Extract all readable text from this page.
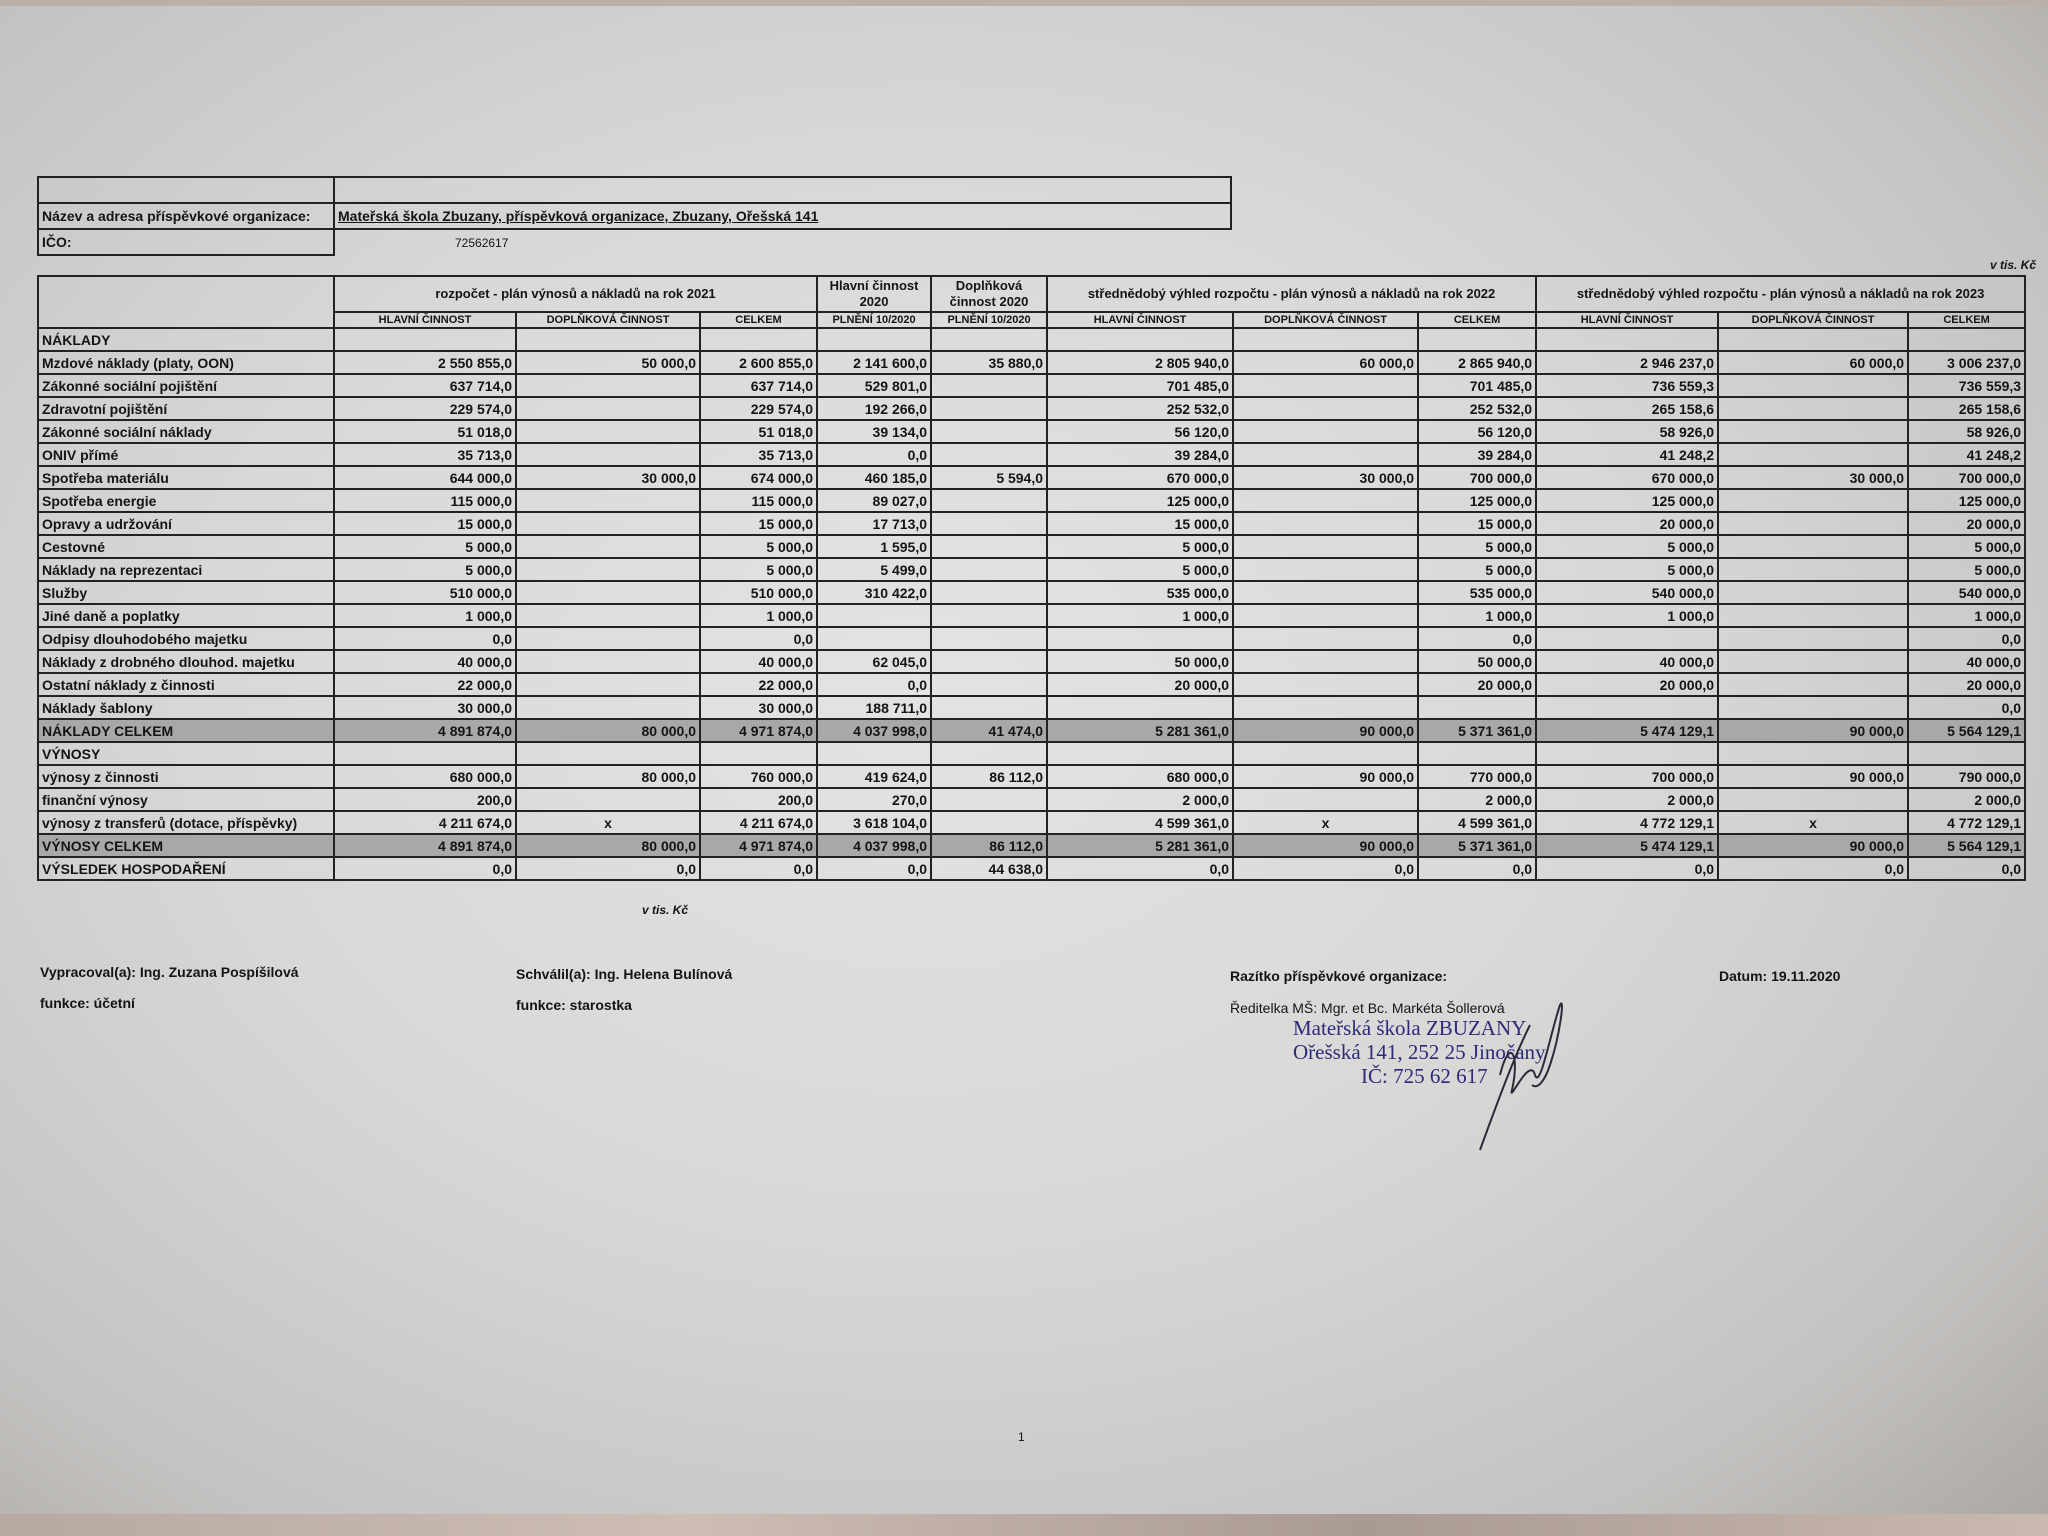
Název a adresa příspěvkové organizace:	Mateřská škola Zbuzany, příspěvková organizace, Zbuzany, Ořešská 141
IČO:	72562617
v tis. Kč
	rozpočet - plán výnosů a nákladů na rok 2021			Hlavní činnost 2020	Doplňková činnost 2020	střednědobý výhled rozpočtu - plán výnosů a nákladů na rok 2022			střednědobý výhled rozpočtu - plán výnosů a nákladů na rok 2023		
	HLAVNÍ ČINNOST	DOPLŇKOVÁ ČINNOST	CELKEM	PLNĚNÍ 10/2020	PLNĚNÍ 10/2020	HLAVNÍ ČINNOST	DOPLŇKOVÁ ČINNOST	CELKEM	HLAVNÍ ČINNOST	DOPLŇKOVÁ ČINNOST	CELKEM
NÁKLADY											
Mzdové náklady (platy, OON)	2 550 855,0	50 000,0	2 600 855,0	2 141 600,0	35 880,0	2 805 940,0	60 000,0	2 865 940,0	2 946 237,0	60 000,0	3 006 237,0
Zákonné sociální pojištění	637 714,0		637 714,0	529 801,0		701 485,0		701 485,0	736 559,3		736 559,3
Zdravotní pojištění	229 574,0		229 574,0	192 266,0		252 532,0		252 532,0	265 158,6		265 158,6
Zákonné sociální náklady	51 018,0		51 018,0	39 134,0		56 120,0		56 120,0	58 926,0		58 926,0
ONIV přímé	35 713,0		35 713,0	0,0		39 284,0		39 284,0	41 248,2		41 248,2
Spotřeba materiálu	644 000,0	30 000,0	674 000,0	460 185,0	5 594,0	670 000,0	30 000,0	700 000,0	670 000,0	30 000,0	700 000,0
Spotřeba energie	115 000,0		115 000,0	89 027,0		125 000,0		125 000,0	125 000,0		125 000,0
Opravy a udržování	15 000,0		15 000,0	17 713,0		15 000,0		15 000,0	20 000,0		20 000,0
Cestovné	5 000,0		5 000,0	1 595,0		5 000,0		5 000,0	5 000,0		5 000,0
Náklady na reprezentaci	5 000,0		5 000,0	5 499,0		5 000,0		5 000,0	5 000,0		5 000,0
Služby	510 000,0		510 000,0	310 422,0		535 000,0		535 000,0	540 000,0		540 000,0
Jiné daně a poplatky	1 000,0		1 000,0			1 000,0		1 000,0	1 000,0		1 000,0
Odpisy dlouhodobého majetku	0,0		0,0					0,0			0,0
Náklady z drobného dlouhod. majetku	40 000,0		40 000,0	62 045,0		50 000,0		50 000,0	40 000,0		40 000,0
Ostatní náklady z činnosti	22 000,0		22 000,0	0,0		20 000,0		20 000,0	20 000,0		20 000,0
Náklady šablony	30 000,0		30 000,0	188 711,0							0,0
NÁKLADY CELKEM	4 891 874,0	80 000,0	4 971 874,0	4 037 998,0	41 474,0	5 281 361,0	90 000,0	5 371 361,0	5 474 129,1	90 000,0	5 564 129,1
VÝNOSY											
výnosy z činnosti	680 000,0	80 000,0	760 000,0	419 624,0	86 112,0	680 000,0	90 000,0	770 000,0	700 000,0	90 000,0	790 000,0
finanční výnosy	200,0		200,0	270,0		2 000,0		2 000,0	2 000,0		2 000,0
výnosy z transferů (dotace, příspěvky)	4 211 674,0	x	4 211 674,0	3 618 104,0		4 599 361,0	x	4 599 361,0	4 772 129,1	x	4 772 129,1
VÝNOSY CELKEM	4 891 874,0	80 000,0	4 971 874,0	4 037 998,0	86 112,0	5 281 361,0	90 000,0	5 371 361,0	5 474 129,1	90 000,0	5 564 129,1
VÝSLEDEK HOSPODAŘENÍ	0,0	0,0	0,0	0,0	44 638,0	0,0	0,0	0,0	0,0	0,0	0,0
v tis. Kč
Vypracoval(a): Ing. Zuzana Pospíšilová
funkce: účetní
Schválil(a): Ing. Helena Bulínová
funkce: starostka
Razítko příspěvkové organizace:	Datum: 19.11.2020
Ředitelka MŠ: Mgr. et Bc. Markéta Šollerová
Mateřská škola ZBUZANY
Ořešská 141, 252 25 Jinočany
IČ: 725 62 617
1
